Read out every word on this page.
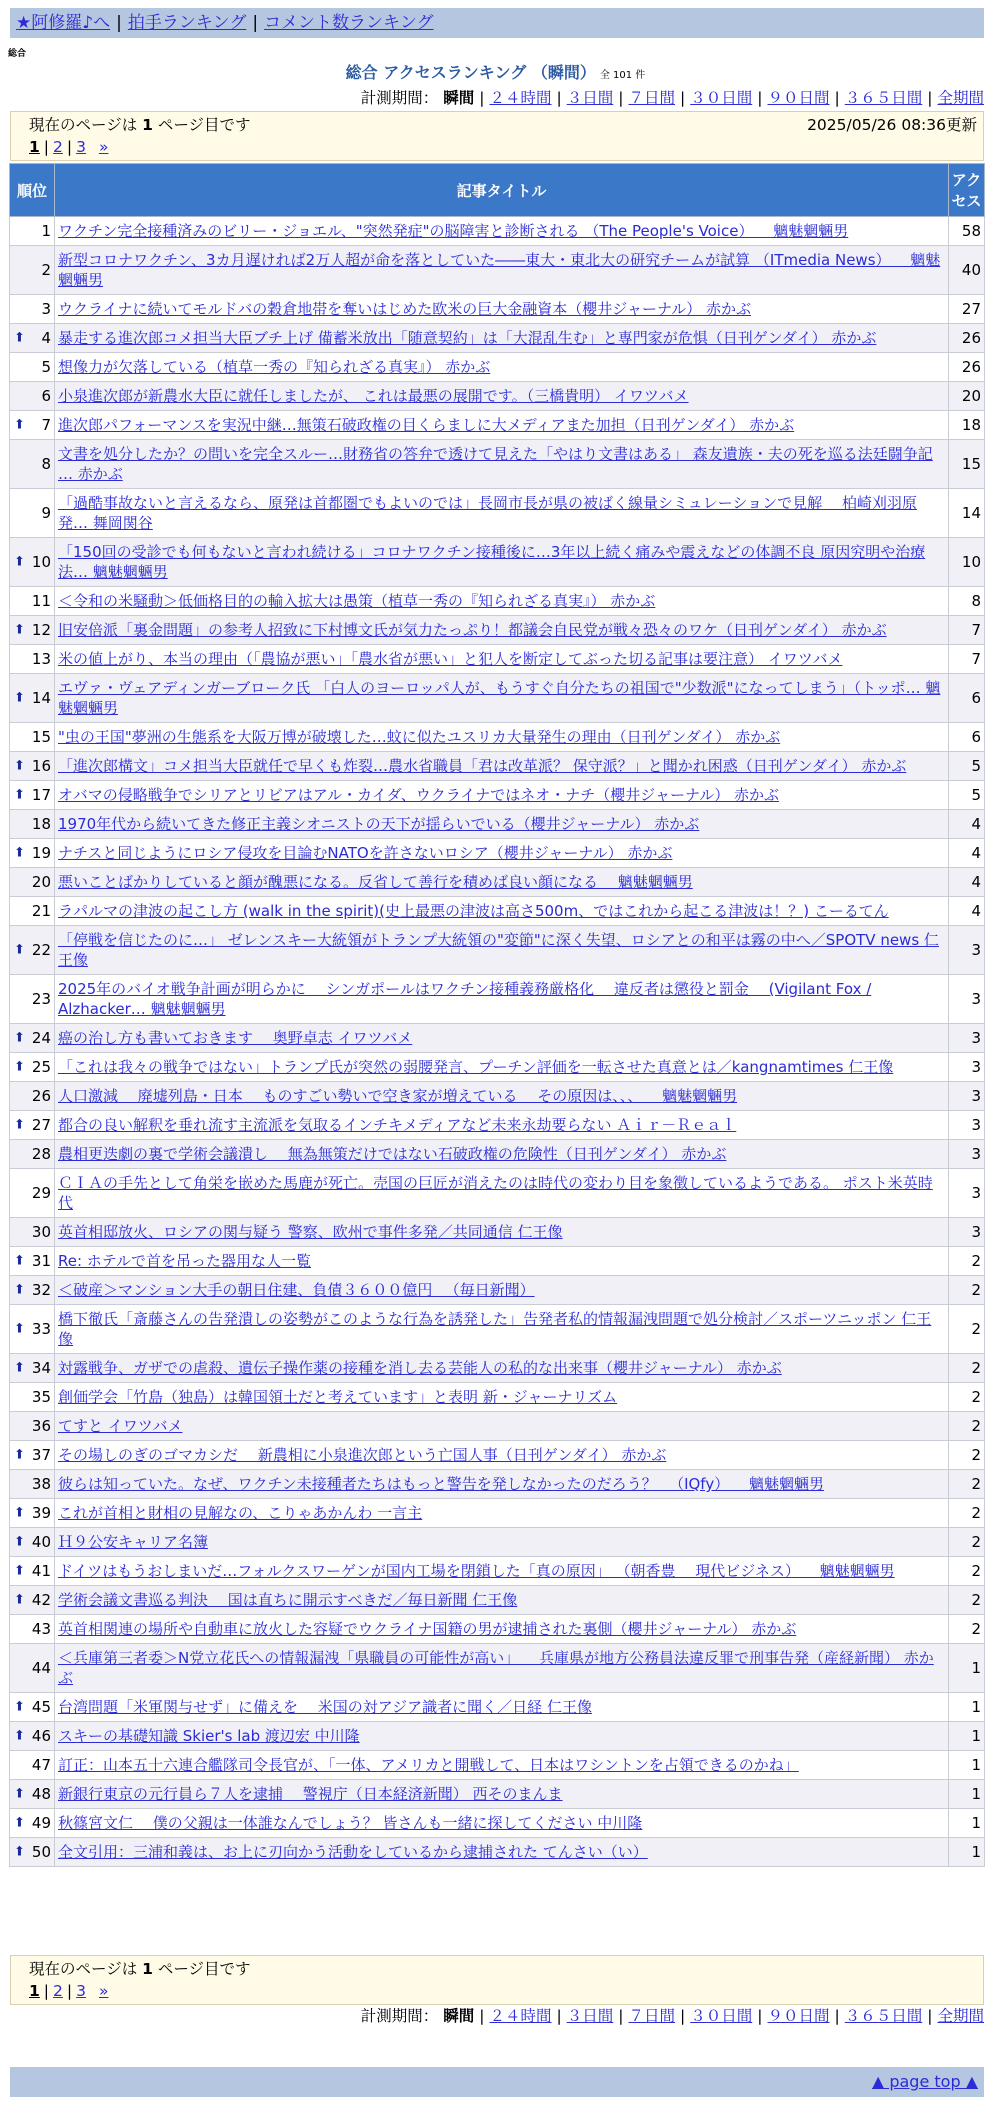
★阿修羅♪へ | 拍手ランキング | コメント数ランキング
総合
総合 アクセスランキング （瞬間） 全 101 件
計測期間： 瞬間 | ２４時間 | ３日間 | ７日間 | ３０日間 | ９０日間 | ３６５日間 | 全期間
現在のページは 1 ページ目です	2025/05/26 08:36更新
1 | 2 | 3 »
順位	記事タイトル	アクセス
1	ワクチン完全接種済みのビリー・ジョエル、"突然発症"の脳障害と診断される （The People's Voice） 　魑魅魍魎男	58
2	新型コロナワクチン、3カ月遅ければ2万人超が命を落としていた――東大・東北大の研究チームが試算 （ITmedia News） 　魑魅魍魎男	40
3	ウクライナに続いてモルドバの穀倉地帯を奪いはじめた欧米の巨大金融資本（櫻井ジャーナル） 赤かぶ	27

⬆ 4	暴走する進次郎コメ担当大臣ブチ上げ 備蓄米放出「随意契約」は「大混乱生む」と専門家が危惧（日刊ゲンダイ） 赤かぶ	26
5	想像力が欠落している（植草一秀の『知られざる真実』） 赤かぶ	26
6	小泉進次郎が新農水大臣に就任しましたが、 これは最悪の展開です。（三橋貴明） イワツバメ	20

⬆ 7	進次郎パフォーマンスを実況中継…無策石破政権の目くらましに大メディアまた加担（日刊ゲンダイ） 赤かぶ	18
8	文書を処分したか？の問いを完全スルー…財務省の答弁で透けて見えた「やはり文書はある」 森友遺族・夫の死を巡る法廷闘争記 … 赤かぶ	15
9	「過酷事故ないと言えるなら、原発は首都圏でもよいのでは」長岡市長が県の被ばく線量シミュレーションで見解 　柏崎刈羽原発… 舞岡関谷	14

⬆ 10	「150回の受診でも何もないと言われ続ける」コロナワクチン接種後に…3年以上続く痛みや震えなどの体調不良 原因究明や治療法… 魑魅魍魎男	10
11	＜令和の米騒動＞低価格目的の輸入拡大は愚策（植草一秀の『知られざる真実』） 赤かぶ	8

⬆ 12	旧安倍派「裏金問題」の参考人招致に下村博文氏が気力たっぷり！都議会自民党が戦々恐々のワケ（日刊ゲンダイ） 赤かぶ	7
13	米の値上がり、本当の理由（「農協が悪い」「農水省が悪い」と犯人を断定してぶった切る記事は要注意） イワツバメ	7

⬆ 14	エヴァ・ヴェアディンガーブローク氏 「白人のヨーロッパ人が、もうすぐ自分たちの祖国で"少数派"になってしまう」（トッポ… 魑魅魍魎男	6
15	"虫の王国"夢洲の生態系を大阪万博が破壊した…蚊に似たユスリカ大量発生の理由（日刊ゲンダイ） 赤かぶ	6

⬆ 16	「進次郎構文」コメ担当大臣就任で早くも炸裂…農水省職員「君は改革派？ 保守派？」と聞かれ困惑（日刊ゲンダイ） 赤かぶ	5

⬆ 17	オバマの侵略戦争でシリアとリビアはアル・カイダ、ウクライナではネオ・ナチ（櫻井ジャーナル） 赤かぶ	5
18	1970年代から続いてきた修正主義シオニストの天下が揺らいでいる（櫻井ジャーナル） 赤かぶ	4

⬆ 19	ナチスと同じようにロシア侵攻を目論むNATOを許さないロシア（櫻井ジャーナル） 赤かぶ	4
20	悪いことばかりしていると顔が醜悪になる。反省して善行を積めば良い顔になる 　魑魅魍魎男	4
21	ラパルマの津波の起こし方 (walk in the spirit)(史上最悪の津波は高さ500m、ではこれから起こる津波は！？) こーるてん	4

⬆ 22	「停戦を信じたのに…」 ゼレンスキー大統領がトランプ大統領の"変節"に深く失望、ロシアとの和平は霧の中へ／SPOTV news 仁王像	3
23	2025年のバイオ戦争計画が明らかに 　シンガポールはワクチン接種義務厳格化 　違反者は懲役と罰金 　(Vigilant Fox / Alzhacker… 魑魅魍魎男	3

⬆ 24	癌の治し方も書いておきます 　奥野卓志 イワツバメ	3

⬆ 25	「これは我々の戦争ではない」トランプ氏が突然の弱腰発言、プーチン評価を一転させた真意とは／kangnamtimes 仁王像	3
26	人口激減 　廃墟列島・日本 　ものすごい勢いで空き家が増えている 　その原因は、、、 　魑魅魍魎男	3

⬆ 27	都合の良い解釈を垂れ流す主流派を気取るインチキメディアなど未来永劫要らない Ａｉｒ－Ｒｅａｌ	3
28	農相更迭劇の裏で学術会議潰し 　無為無策だけではない石破政権の危険性（日刊ゲンダイ） 赤かぶ	3
29	ＣＩＡの手先として角栄を嵌めた馬鹿が死亡。売国の巨匠が消えたのは時代の変わり目を象徴しているようである。 ポスト米英時代	3
30	英首相邸放火、ロシアの関与疑う 警察、欧州で事件多発／共同通信 仁王像	3

⬆ 31	Re: ホテルで首を吊った器用な人一覧	2

⬆ 32	＜破産＞マンション大手の朝日住建、負債３６００億円 　（毎日新聞）	2

⬆ 33	橋下徹氏「斎藤さんの告発潰しの姿勢がこのような行為を誘発した」告発者私的情報漏洩問題で処分検討／スポーツニッポン 仁王像	2

⬆ 34	対露戦争、ガザでの虐殺、遺伝子操作薬の接種を消し去る芸能人の私的な出来事（櫻井ジャーナル） 赤かぶ	2
35	創価学会「竹島（独島）は韓国領土だと考えています」と表明 新・ジャーナリズム	2
36	てすと イワツバメ	2

⬆ 37	その場しのぎのゴマカシだ 　新農相に小泉進次郎という亡国人事（日刊ゲンダイ） 赤かぶ	2
38	彼らは知っていた。なぜ、ワクチン未接種者たちはもっと警告を発しなかったのだろう？ 　（IQfy） 　魑魅魍魎男	2

⬆ 39	これが首相と財相の見解なの、こりゃあかんわ 一言主	2

⬆ 40	Ｈ９公安キャリア名簿	2

⬆ 41	ドイツはもうおしまいだ…フォルクスワーゲンが国内工場を閉鎖した「真の原因」 （朝香豊 　現代ビジネス） 　魑魅魍魎男	2

⬆ 42	学術会議文書巡る判決 　国は直ちに開示すべきだ／毎日新聞 仁王像	2
43	英首相関連の場所や自動車に放火した容疑でウクライナ国籍の男が逮捕された裏側（櫻井ジャーナル） 赤かぶ	2
44	＜兵庫第三者委＞N党立花氏への情報漏洩「県職員の可能性が高い」 　兵庫県が地方公務員法違反罪で刑事告発（産経新聞） 赤かぶ	1

⬆ 45	台湾問題「米軍関与せず」に備えを 　米国の対アジア識者に聞く／日経 仁王像	1

⬆ 46	スキーの基礎知識 Skier's lab 渡辺宏 中川隆	1
47	訂正：山本五十六連合艦隊司令長官が、「一体、アメリカと開戦して、日本はワシントンを占領できるのかね」	1

⬆ 48	新銀行東京の元行員ら７人を逮捕 　警視庁（日本経済新聞） 西そのまんま	1

⬆ 49	秋篠宮文仁 　僕の父親は一体誰なんでしょう？ 皆さんも一緒に探してください 中川隆	1

⬆ 50	全文引用：三浦和義は、お上に刃向かう活動をしているから逮捕された てんさい（い）	1
現在のページは 1 ページ目です
1 | 2 | 3 »
計測期間： 瞬間 | ２４時間 | ３日間 | ７日間 | ３０日間 | ９０日間 | ３６５日間 | 全期間
▲ page top ▲
